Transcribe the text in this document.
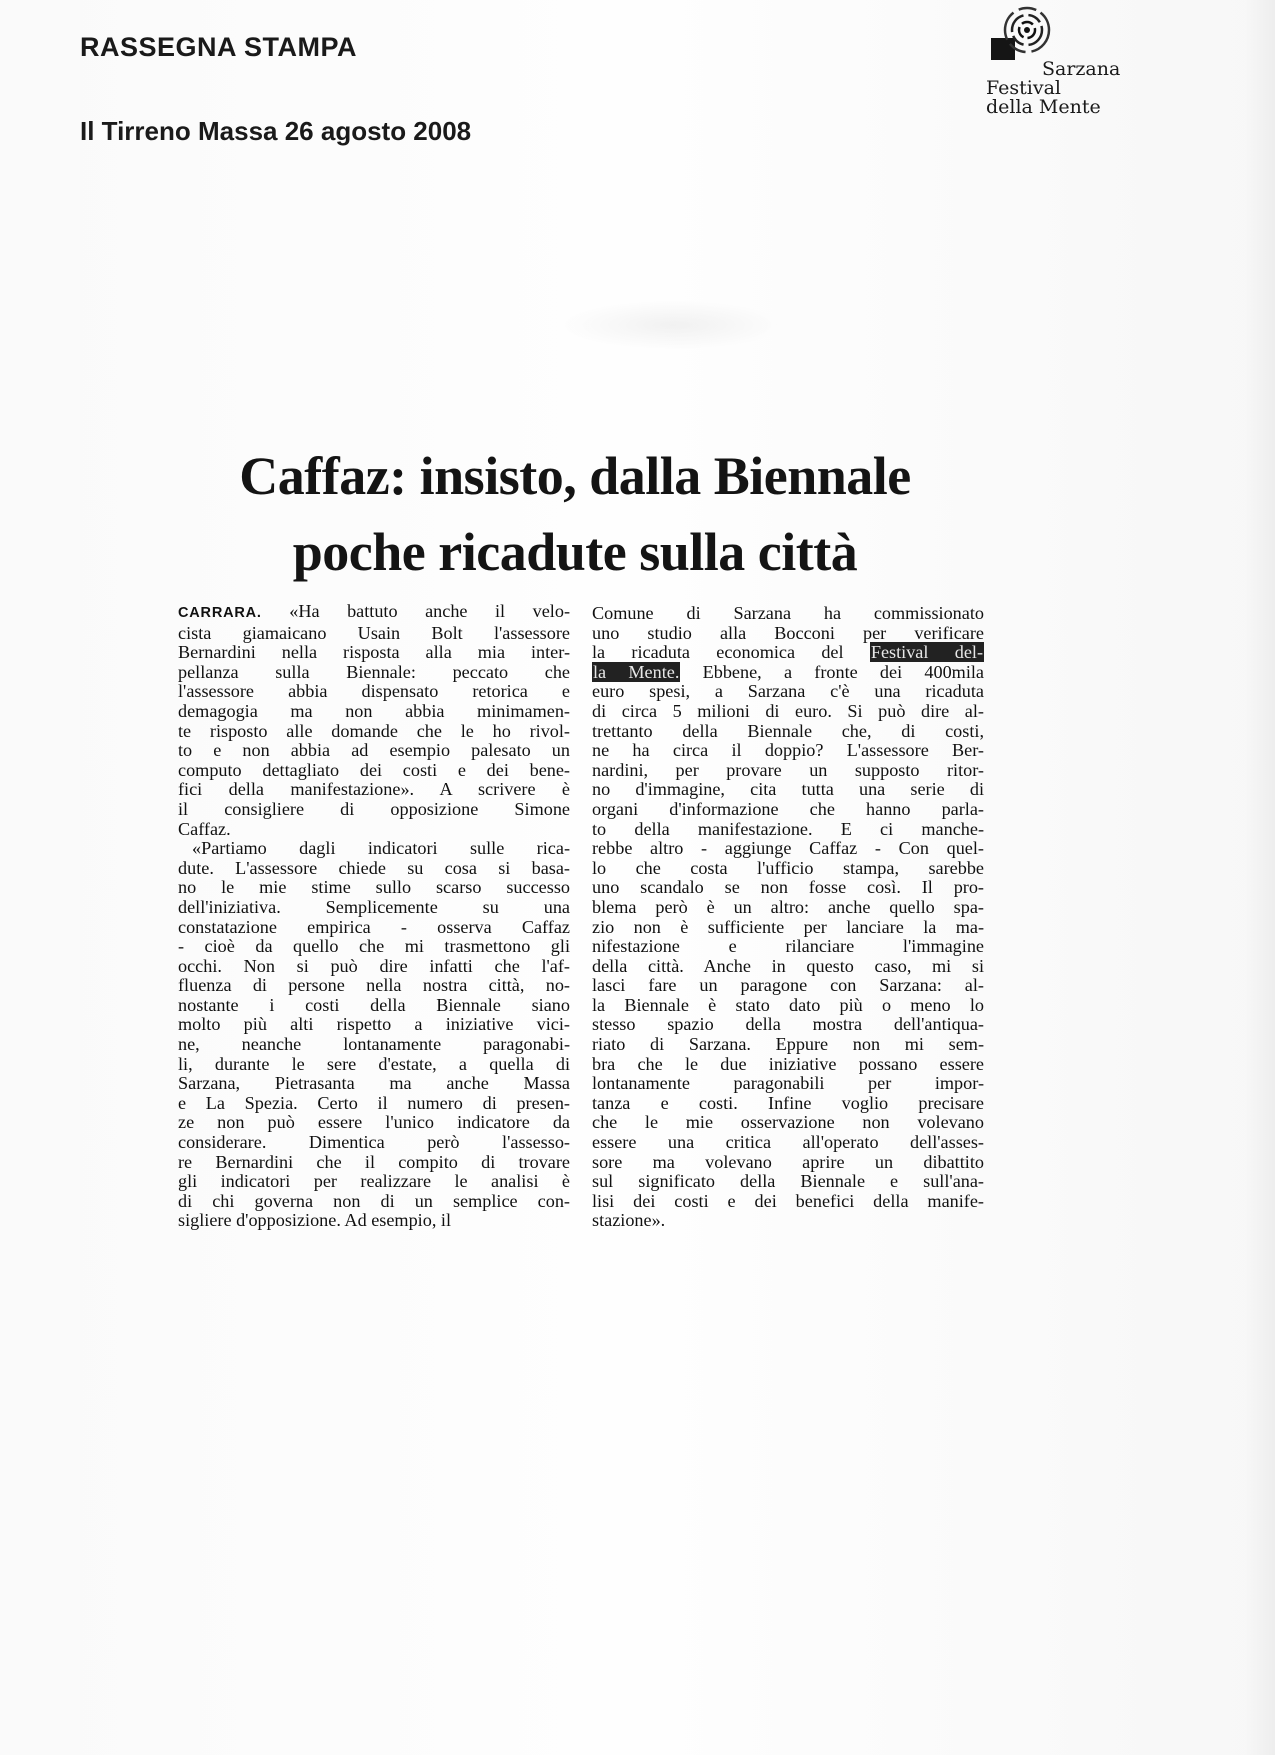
RASSEGNA STAMPA
Il Tirreno Massa 26 agosto 2008
Sarzana
Festival
della Mente
Caffaz: insisto, dalla Biennale
poche ricadute sulla città
CARRARA. «Ha battuto anche il velo-
cista giamaicano Usain Bolt l'assessore
Bernardini nella risposta alla mia inter-
pellanza sulla Biennale: peccato che
l'assessore abbia dispensato retorica e
demagogia ma non abbia minimamen-
te risposto alle domande che le ho rivol-
to e non abbia ad esempio palesato un
computo dettagliato dei costi e dei bene-
fici della manifestazione». A scrivere è
il consigliere di opposizione Simone
Caffaz.
«Partiamo dagli indicatori sulle rica-
dute. L'assessore chiede su cosa si basa-
no le mie stime sullo scarso successo
dell'iniziativa. Semplicemente su una
constatazione empirica - osserva Caffaz
- cioè da quello che mi trasmettono gli
occhi. Non si può dire infatti che l'af-
fluenza di persone nella nostra città, no-
nostante i costi della Biennale siano
molto più alti rispetto a iniziative vici-
ne, neanche lontanamente paragonabi-
li, durante le sere d'estate, a quella di
Sarzana, Pietrasanta ma anche Massa
e La Spezia. Certo il numero di presen-
ze non può essere l'unico indicatore da
considerare. Dimentica però l'assesso-
re Bernardini che il compito di trovare
gli indicatori per realizzare le analisi è
di chi governa non di un semplice con-
sigliere d'opposizione. Ad esempio, il
Comune di Sarzana ha commissionato
uno studio alla Bocconi per verificare
la ricaduta economica del Festival del-
la Mente. Ebbene, a fronte dei 400mila
euro spesi, a Sarzana c'è una ricaduta
di circa 5 milioni di euro. Si può dire al-
trettanto della Biennale che, di costi,
ne ha circa il doppio? L'assessore Ber-
nardini, per provare un supposto ritor-
no d'immagine, cita tutta una serie di
organi d'informazione che hanno parla-
to della manifestazione. E ci manche-
rebbe altro - aggiunge Caffaz - Con quel-
lo che costa l'ufficio stampa, sarebbe
uno scandalo se non fosse così. Il pro-
blema però è un altro: anche quello spa-
zio non è sufficiente per lanciare la ma-
nifestazione e rilanciare l'immagine
della città. Anche in questo caso, mi si
lasci fare un paragone con Sarzana: al-
la Biennale è stato dato più o meno lo
stesso spazio della mostra dell'antiqua-
riato di Sarzana. Eppure non mi sem-
bra che le due iniziative possano essere
lontanamente paragonabili per impor-
tanza e costi. Infine voglio precisare
che le mie osservazione non volevano
essere una critica all'operato dell'asses-
sore ma volevano aprire un dibattito
sul significato della Biennale e sull'ana-
lisi dei costi e dei benefici della manife-
stazione».
